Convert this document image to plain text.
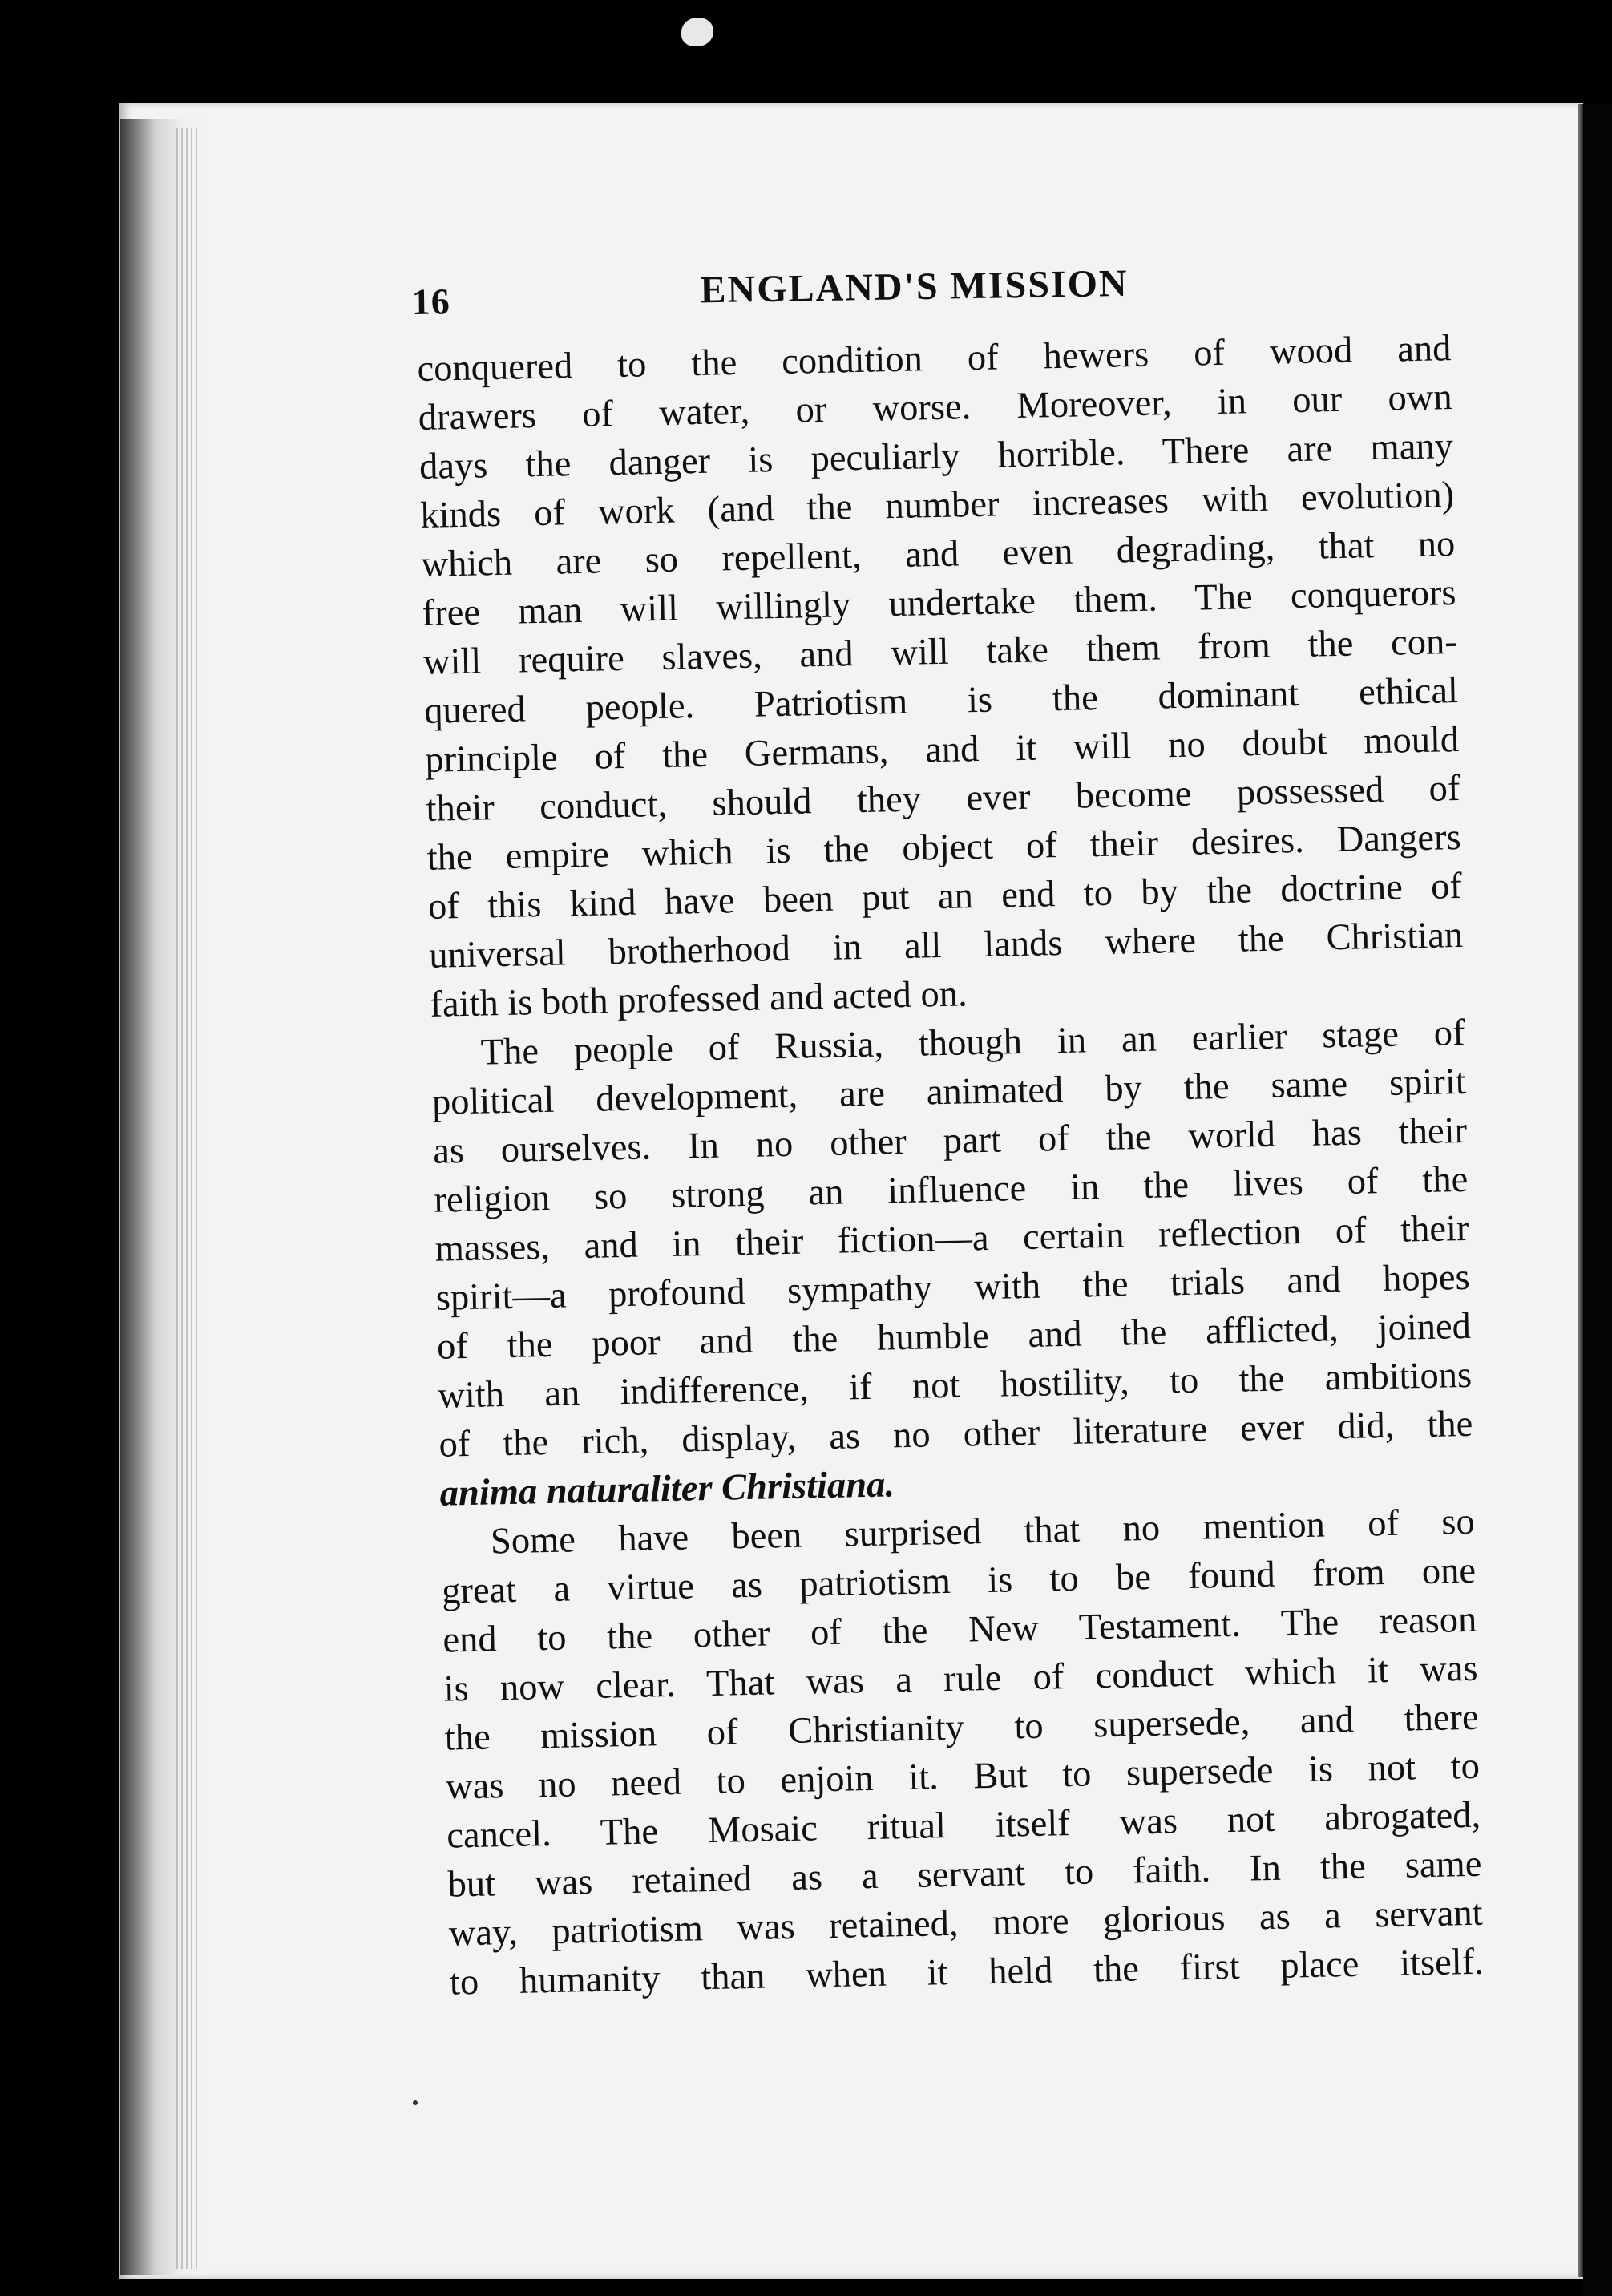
16	ENGLAND'S MISSION
conquered to the condition of hewers of wood and
drawers of water, or worse. Moreover, in our own
days the danger is peculiarly horrible. There are many
kinds of work (and the number increases with evolution)
which are so repellent, and even degrading, that no
free man will willingly undertake them. The conquerors
will require slaves, and will take them from the con-
quered people. Patriotism is the dominant ethical
principle of the Germans, and it will no doubt mould
their conduct, should they ever become possessed of
the empire which is the object of their desires. Dangers
of this kind have been put an end to by the doctrine of
universal brotherhood in all lands where the Christian
faith is both professed and acted on.
The people of Russia, though in an earlier stage of
political development, are animated by the same spirit
as ourselves. In no other part of the world has their
religion so strong an influence in the lives of the
masses, and in their fiction—a certain reflection of their
spirit—a profound sympathy with the trials and hopes
of the poor and the humble and the afflicted, joined
with an indifference, if not hostility, to the ambitions
of the rich, display, as no other literature ever did, the
anima naturaliter Christiana.
Some have been surprised that no mention of so
great a virtue as patriotism is to be found from one
end to the other of the New Testament. The reason
is now clear. That was a rule of conduct which it was
the mission of Christianity to supersede, and there
was no need to enjoin it. But to supersede is not to
cancel. The Mosaic ritual itself was not abrogated,
but was retained as a servant to faith. In the same
way, patriotism was retained, more glorious as a servant
to humanity than when it held the first place itself.
